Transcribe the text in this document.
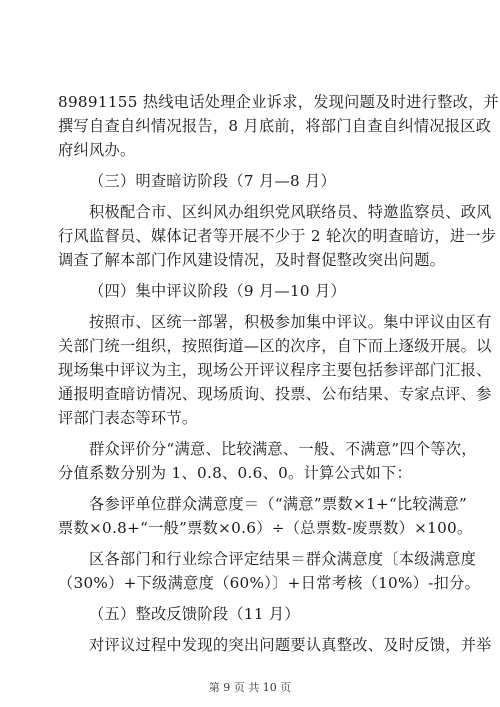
89891155 热线电话处理企业诉求，发现问题及时进行整改，并
撰写自查自纠情况报告，8 月底前，将部门自查自纠情况报区政
府纠风办。
（三）明查暗访阶段（7 月—8 月）
积极配合市、区纠风办组织党风联络员、特邀监察员、政风
行风监督员、媒体记者等开展不少于 2 轮次的明查暗访，进一步
调查了解本部门作风建设情况，及时督促整改突出问题。
（四）集中评议阶段（9 月—10 月）
按照市、区统一部署，积极参加集中评议。集中评议由区有
关部门统一组织，按照街道—区的次序，自下而上逐级开展。以
现场集中评议为主，现场公开评议程序主要包括参评部门汇报、
通报明查暗访情况、现场质询、投票、公布结果、专家点评、参
评部门表态等环节。
群众评价分“满意、比较满意、一般、不满意”四个等次，
分值系数分别为 1、0.8、0.6、0。计算公式如下：
各参评单位群众满意度＝（“满意”票数×1+“比较满意”
票数×0.8+“一般”票数×0.6）÷（总票数-废票数）×100。
区各部门和行业综合评定结果＝群众满意度〔本级满意度
（30%）+下级满意度（60%）〕+日常考核（10%）-扣分。
（五）整改反馈阶段（11 月）
对评议过程中发现的突出问题要认真整改、及时反馈，并举
第 9 页 共 10 页
